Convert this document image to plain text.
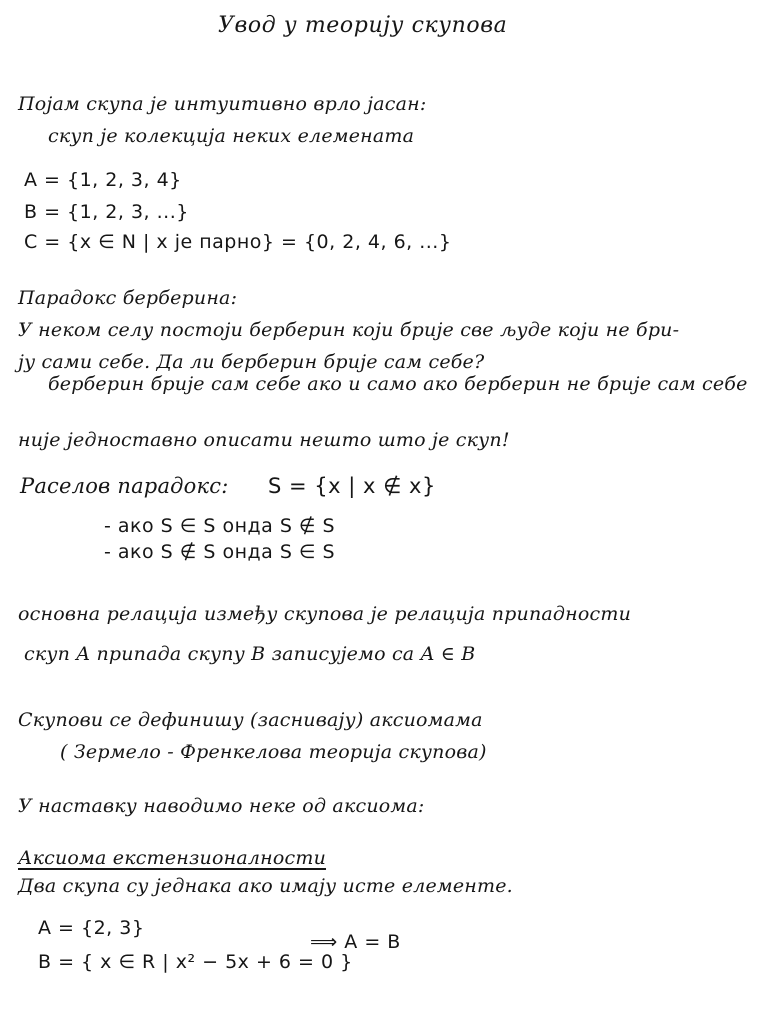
Увод у теорију скупова
Појам скупа је интуитивно врло јасан:
скуп је колекција неких елемената
A = {1, 2, 3, 4}
B = {1, 2, 3, ...}
C = {x ∈ N | x је парно} = {0, 2, 4, 6, ...}
Парадокс берберина:
У неком селу постоји берберин који брије све људе који не бри-
ју сами себе. Да ли берберин брије сам себе?
берберин брије сам себе ако и само ако берберин не брије сам себе
није једноставно описати нешто што је скуп!
Раселов парадокс: S = {x | x ∉ x}
- ако S ∈ S онда S ∉ S
- ако S ∉ S онда S ∈ S
основна релација између скупова је релација припадности
скуп A припада скупу B записујемо са A ∈ B
Скупови се дефинишу (заснивају) аксиомама
( Зермело - Френкелова теорија скупова)
У наставку наводимо неке од аксиома:
Аксиома екстензионалности
Два скупа су једнака ако имају исте елементе.
A = {2, 3}
⟹ A = B
B = { x ∈ R | x² − 5x + 6 = 0 }
